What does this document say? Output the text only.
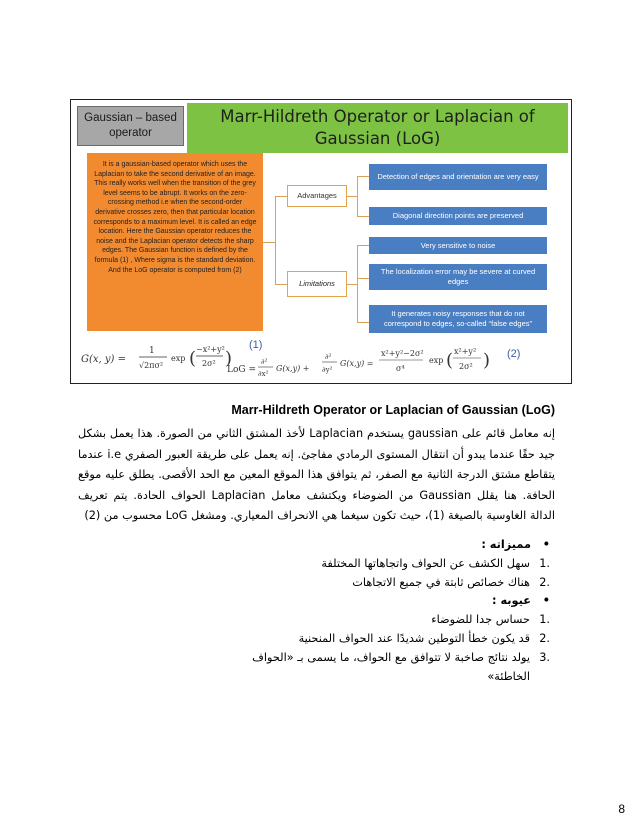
Gaussian – based operator
Marr-Hildreth Operator or Laplacian of Gaussian (LoG)
It is a gaussian-based operator which uses the Laplacian to take the second derivative of an image. This really works well when the transition of the grey level seems to be abrupt. It works on the zero-crossing method i.e when the second-order derivative crosses zero, then that particular location corresponds to a maximum level. It is called an edge location. Here the Gaussian operator reduces the noise and the Laplacian operator detects the sharp edges. The Gaussian function is defined by the formula (1) , Where sigma is the standard deviation. And the LoG operator is computed from (2)
Advantages
Limitations
Detection of edges and orientation are very easy
Diagonal direction points are preserved
Very sensitive to noise
The localization error may be severe at curved edges
It generates noisy responses that do not correspond to edges, so-called “false edges”
G(x, y) =
1
√2πσ²
exp ( −x²+y²
2σ² )
LoG =
∂²
∂x²
G(x,y) +
∂²
∂y²
G(x,y) =
x²+y²−2σ²
σ⁴
exp ( x²+y²
2σ² )
(1)
(2)
Marr-Hildreth Operator or Laplacian of Gaussian (LoG)
إنه معامل قائم على gaussian يستخدم Laplacian لأخذ المشتق الثاني من الصورة. هذا يعمل بشكل جيد حقًا عندما يبدو أن انتقال المستوى الرمادي مفاجئ. إنه يعمل على طريقة العبور الصفري i.e عندما يتقاطع مشتق الدرجة الثانية مع الصفر، ثم يتوافق هذا الموقع المعين مع الحد الأقصى. يطلق عليه موقع الحافة. هنا يقلل Gaussian من الضوضاء ويكتشف معامل Laplacian الحواف الحادة. يتم تعريف الدالة الغاوسية بالصيغة (1)، حيث تكون سيغما هي الانحراف المعياري. ومشغل LoG محسوب من (2)
•   مميزاته :
1.
سهل الكشف عن الحواف واتجاهاتها المختلفة
2.
هناك خصائص ثابتة في جميع الاتجاهات
•   عيوبه :
1.
حساس جدا للضوضاء
2.
قد يكون خطأ التوطين شديدًا عند الحواف المنحنية
3.
يولد نتائج صاخبة لا تتوافق مع الحواف، ما يسمى بـ «الحواف الخاطئة»
8
